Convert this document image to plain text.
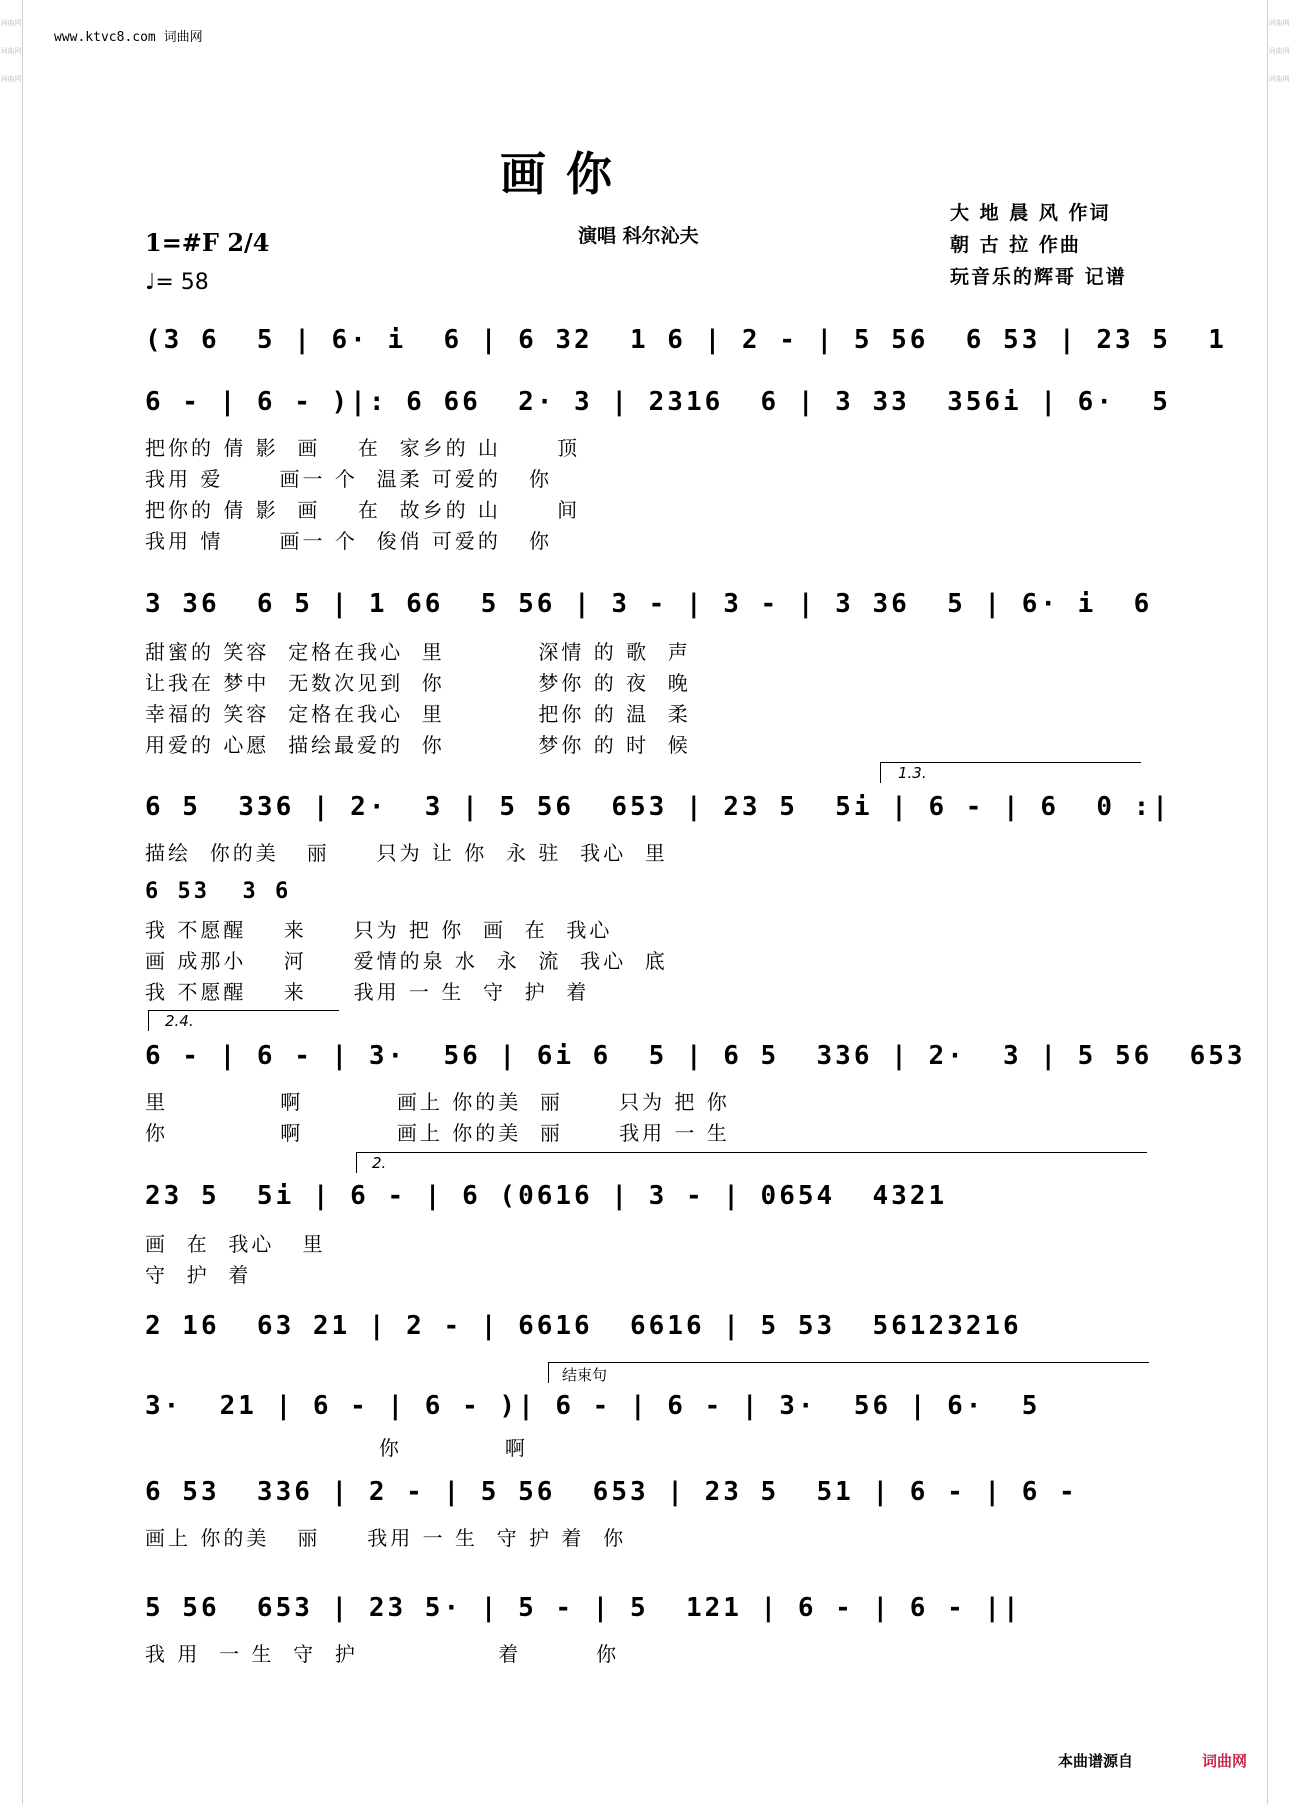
词曲网
词曲网
词曲网
词曲网
词曲网
词曲网
www.ktvc8.com 词曲网
画 你
1=#F 2/4
♩= 58
演唱 科尔沁夫
大 地 晨 风 作词
朝 古 拉 作曲
玩音乐的辉哥 记谱
(3 6  5 | 6· i  6 | 6 32  1 6 | 2 - | 5 56  6 53 | 23 5  1
6 - | 6 - )|: 6 66  2· 3 | 2316  6 | 3 33  356i | 6·  5
把你的 倩 影  画    在  家乡的 山      顶
我用 爱      画一 个  温柔 可爱的   你
把你的 倩 影  画    在  故乡的 山      间
我用 情      画一 个  俊俏 可爱的   你
3 36  6 5 | 1 66  5 56 | 3 - | 3 - | 3 36  5 | 6· i  6
甜蜜的 笑容  定格在我心  里          深情 的 歌  声
让我在 梦中  无数次见到  你          梦你 的 夜  晚
幸福的 笑容  定格在我心  里          把你 的 温  柔
用爱的 心愿  描绘最爱的  你          梦你 的 时  候
1.3.
6 5  336 | 2·  3 | 5 56  653 | 23 5  5i | 6 - | 6  0 :|
描绘  你的美   丽     只为 让 你  永 驻  我心  里
6 53  3 6
我 不愿醒    来     只为 把 你  画  在  我心
画 成那小    河     爱情的泉 水  永  流  我心  底
我 不愿醒    来     我用 一 生  守  护  着
2.4.
6 - | 6 - | 3·  56 | 6i 6  5 | 6 5  336 | 2·  3 | 5 56  653
里            啊          画上 你的美  丽      只为 把 你
你            啊          画上 你的美  丽      我用 一 生
2.
23 5  5i | 6 - | 6 (0616 | 3 - | 0654  4321
画  在  我心   里
守  护  着
2 16  63 21 | 2 - | 6616  6616 | 5 53  56123216
结束句
3·  21 | 6 - | 6 - )| 6 - | 6 - | 3·  56 | 6·  5
你           啊
6 53  336 | 2 - | 5 56  653 | 23 5  51 | 6 - | 6 -
画上 你的美   丽     我用 一 生  守 护 着  你
5 56  653 | 23 5· | 5 - | 5  121 | 6 - | 6 - ||
我 用  一 生  守  护               着        你
本曲谱源自	词曲网
